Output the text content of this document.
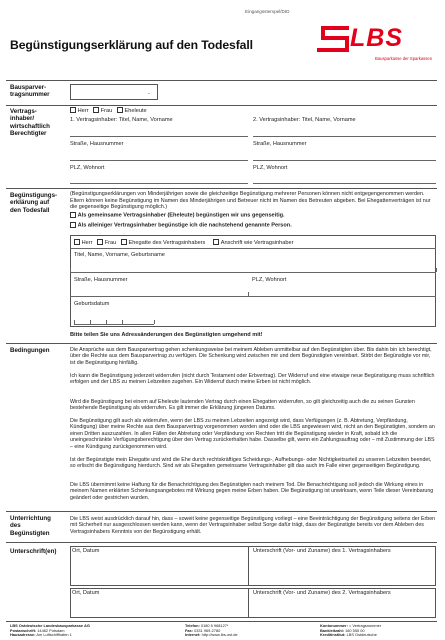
Eingangsstempel/DID
Begünstigungserklärung auf den Todesfall	LBS
Bausparkasse der Sparkassen
Bausparver-
tragsnummer	-
Vertrags-
inhaber/
wirtschaftlich
Berechtigter
Herr Frau Eheleute
1. Vertragsinhaber: Titel, Name, Vorname	2. Vertragsinhaber: Titel, Name, Vorname
Straße, Hausnummer	Straße, Hausnummer
PLZ, Wohnort	PLZ, Wohnort
Begünstigungs-
erklärung auf
den Todesfall
(Begünstigungserklärungen von Minderjährigen sowie die gleichzeitige Begünstigung mehrerer Personen können nicht entgegengenommen werden. Eltern können keine Begünstigung im Namen des Minderjährigen und Betreuer nicht im Namen des Betreuten abgeben. Bei Ehegattenverträgen ist nur die gegenseitige Begünstigung möglich.)
Als gemeinsame Vertragsinhaber (Eheleute) begünstigen wir uns gegenseitig.
Als alleiniger Vertragsinhaber begünstige ich die nachstehend genannte Person.
Herr Frau Ehegatte des Vertragsinhabers	Anschrift wie Vertragsinhaber
Titel, Name, Vorname, Geburtsname
Straße, Hausnummer	PLZ, Wohnort
Geburtsdatum
Bitte teilen Sie uns Adressänderungen des Begünstigten umgehend mit!
Bedingungen	Die Ansprüche aus dem Bausparvertrag gehen schenkungsweise bei meinem Ableben unmittelbar auf den Begünstigten über. Bis dahin bin ich berechtigt, über die Rechte aus dem Bausparvertrag zu verfügen. Die Schenkung wird zwischen mir und dem Begünstigten vereinbart. Stirbt der Begünstigte vor mir, ist die Begünstigung hinfällig.
Ich kann die Begünstigung jederzeit widerrufen (nicht durch Testament oder Erbvertrag). Der Widerruf und eine etwaige neue Begünstigung muss schriftlich erfolgen und der LBS zu meinen Lebzeiten zugehen. Ein Widerruf durch meine Erben ist nicht möglich.
Wird die Begünstigung bei einem auf Eheleute lautenden Vertrag durch einen Ehegatten widerrufen, so gilt gleichzeitig auch die zu seinen Gunsten bestehende Begünstigung als widerrufen. Es gilt immer die Erklärung jüngeren Datums.
Die Begünstigung gilt auch als widerrufen, wenn der LBS zu meinen Lebzeiten angezeigt wird, dass Verfügungen (z. B. Abtretung, Verpfändung, Kündigung) über meine Rechte aus dem Bausparvertrag vorgenommen worden sind oder die LBS angewiesen wird, nicht an den Begünstigten, sondern an einen Dritten auszuzahlen. In allen Fällen der Abtretung oder Verpfändung von Rechten tritt die Begünstigung wieder in Kraft, sobald ich die uneingeschränkte Verfügungsberechtigung über den Vertrag zurückerhalten habe. Dasselbe gilt, wenn ein Zahlungsauftrag oder – mit Zustimmung der LBS – eine Kündigung zurückgenommen wird.
Ist der Begünstigte mein Ehegatte und wird die Ehe durch rechtskräftiges Scheidungs-, Aufhebungs- oder Nichtigkeitsurteil zu unseren Lebzeiten beendet, so erlischt die Begünstigung hierdurch. Sind wir als Ehegatten gemeinsame Vertragsinhaber gilt das auch im Falle einer gegenseitigen Begünstigung.
Die LBS übernimmt keine Haftung für die Benachrichtigung des Begünstigten nach meinem Tod. Die Benachrichtigung soll jedoch die Wirkung eines in meinem Namen erklärten Schenkungsangebotes mit Wirkung gegen meine Erben haben. Die Begünstigung ist unwirksam, wenn Teile dieser Vereinbarung geändert oder gestrichen wurden.
Unterrichtung
des
Begünstigten
Die LBS weist ausdrücklich darauf hin, dass – soweit keine gegenseitige Begünstigung vorliegt – eine Beeinträchtigung der Begünstigung seitens der Erben mit Sicherheit nur ausgeschlossen werden kann, wenn der Vertragsinhaber selbst Sorge dafür trägt, dass der Begünstigte bereits vor dem Ableben des Vertragsinhabers Kenntnis von der Begünstigung erhält.
Unterschrift(en)	Ort, Datum	Unterschrift (Vor- und Zuname) des 1. Vertragsinhabers
Ort, Datum	Unterschrift (Vor- und Zuname) des 2. Vertragsinhabers
LBS Ostdeutsche Landesbausparkasse AG
Postanschrift: 14462 Potsdam
Hausadresse: Am Luftschiffhafen 1
Telefon: 0180 5 968127*
Fax: 0331 969-2780
Internet: http://www.lbs-ost.de
Kontonummer: = Vertragsnummer
Bankleitzahl: 160 555 00
Kreditinstitut: LBS Ostdeutsche
